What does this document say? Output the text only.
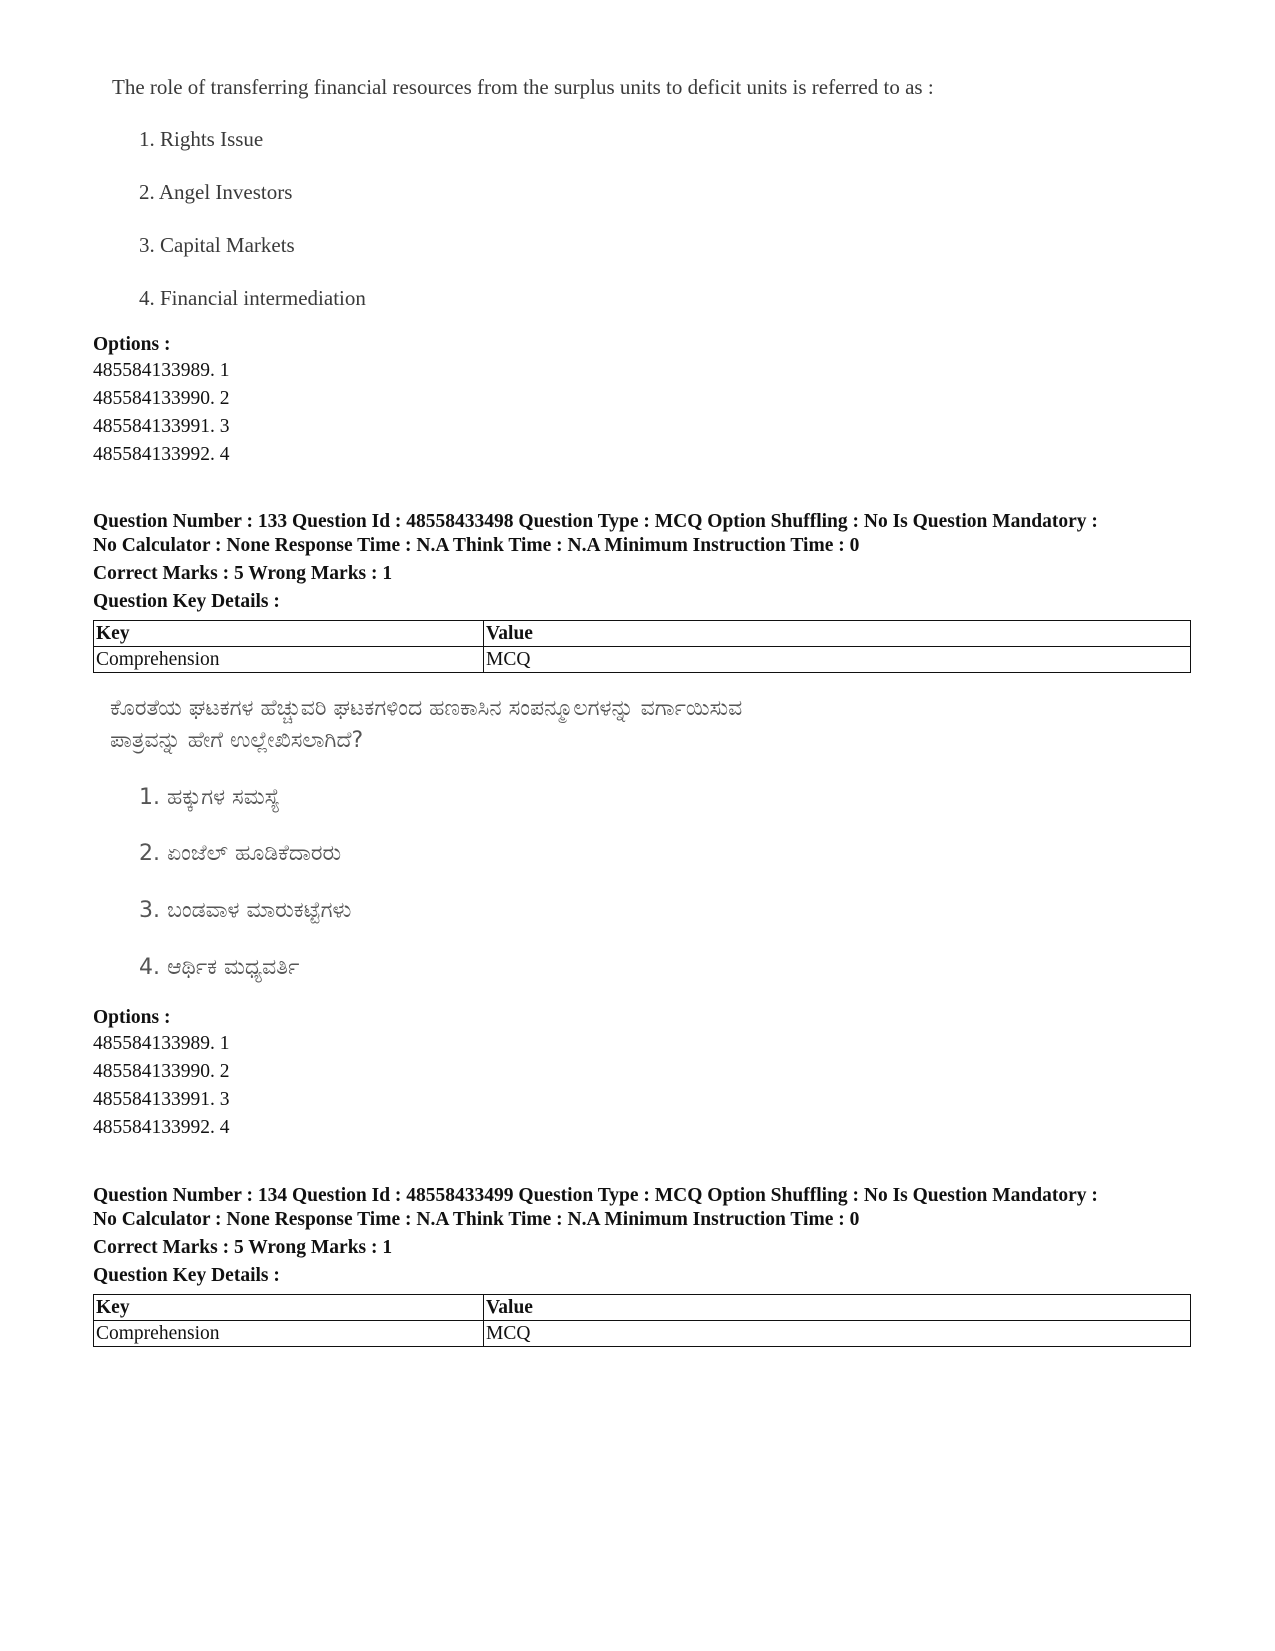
The role of transferring financial resources from the surplus units to deficit units is referred to as :
1. Rights Issue
2. Angel Investors
3. Capital Markets
4. Financial intermediation
Options :
485584133989. 1
485584133990. 2
485584133991. 3
485584133992. 4
Question Number : 133 Question Id : 48558433498 Question Type : MCQ Option Shuffling : No Is Question Mandatory :
No Calculator : None Response Time : N.A Think Time : N.A Minimum Instruction Time : 0
Correct Marks : 5 Wrong Marks : 1
Question Key Details :
Key	Value
Comprehension	MCQ
ಕೊರತೆಯ ಘಟಕಗಳ ಹೆಚ್ಚುವರಿ ಘಟಕಗಳಿಂದ ಹಣಕಾಸಿನ ಸಂಪನ್ಮೂಲಗಳನ್ನು ವರ್ಗಾಯಿಸುವ
ಪಾತ್ರವನ್ನು ಹೇಗೆ ಉಲ್ಲೇಖಿಸಲಾಗಿದೆ?
1. ಹಕ್ಕುಗಳ ಸಮಸ್ಯೆ
2. ಏಂಜೆಲ್ ಹೂಡಿಕೆದಾರರು
3. ಬಂಡವಾಳ ಮಾರುಕಟ್ಟೆಗಳು
4. ಆರ್ಥಿಕ ಮಧ್ಯವರ್ತಿ
Options :
485584133989. 1
485584133990. 2
485584133991. 3
485584133992. 4
Question Number : 134 Question Id : 48558433499 Question Type : MCQ Option Shuffling : No Is Question Mandatory :
No Calculator : None Response Time : N.A Think Time : N.A Minimum Instruction Time : 0
Correct Marks : 5 Wrong Marks : 1
Question Key Details :
Key	Value
Comprehension	MCQ
